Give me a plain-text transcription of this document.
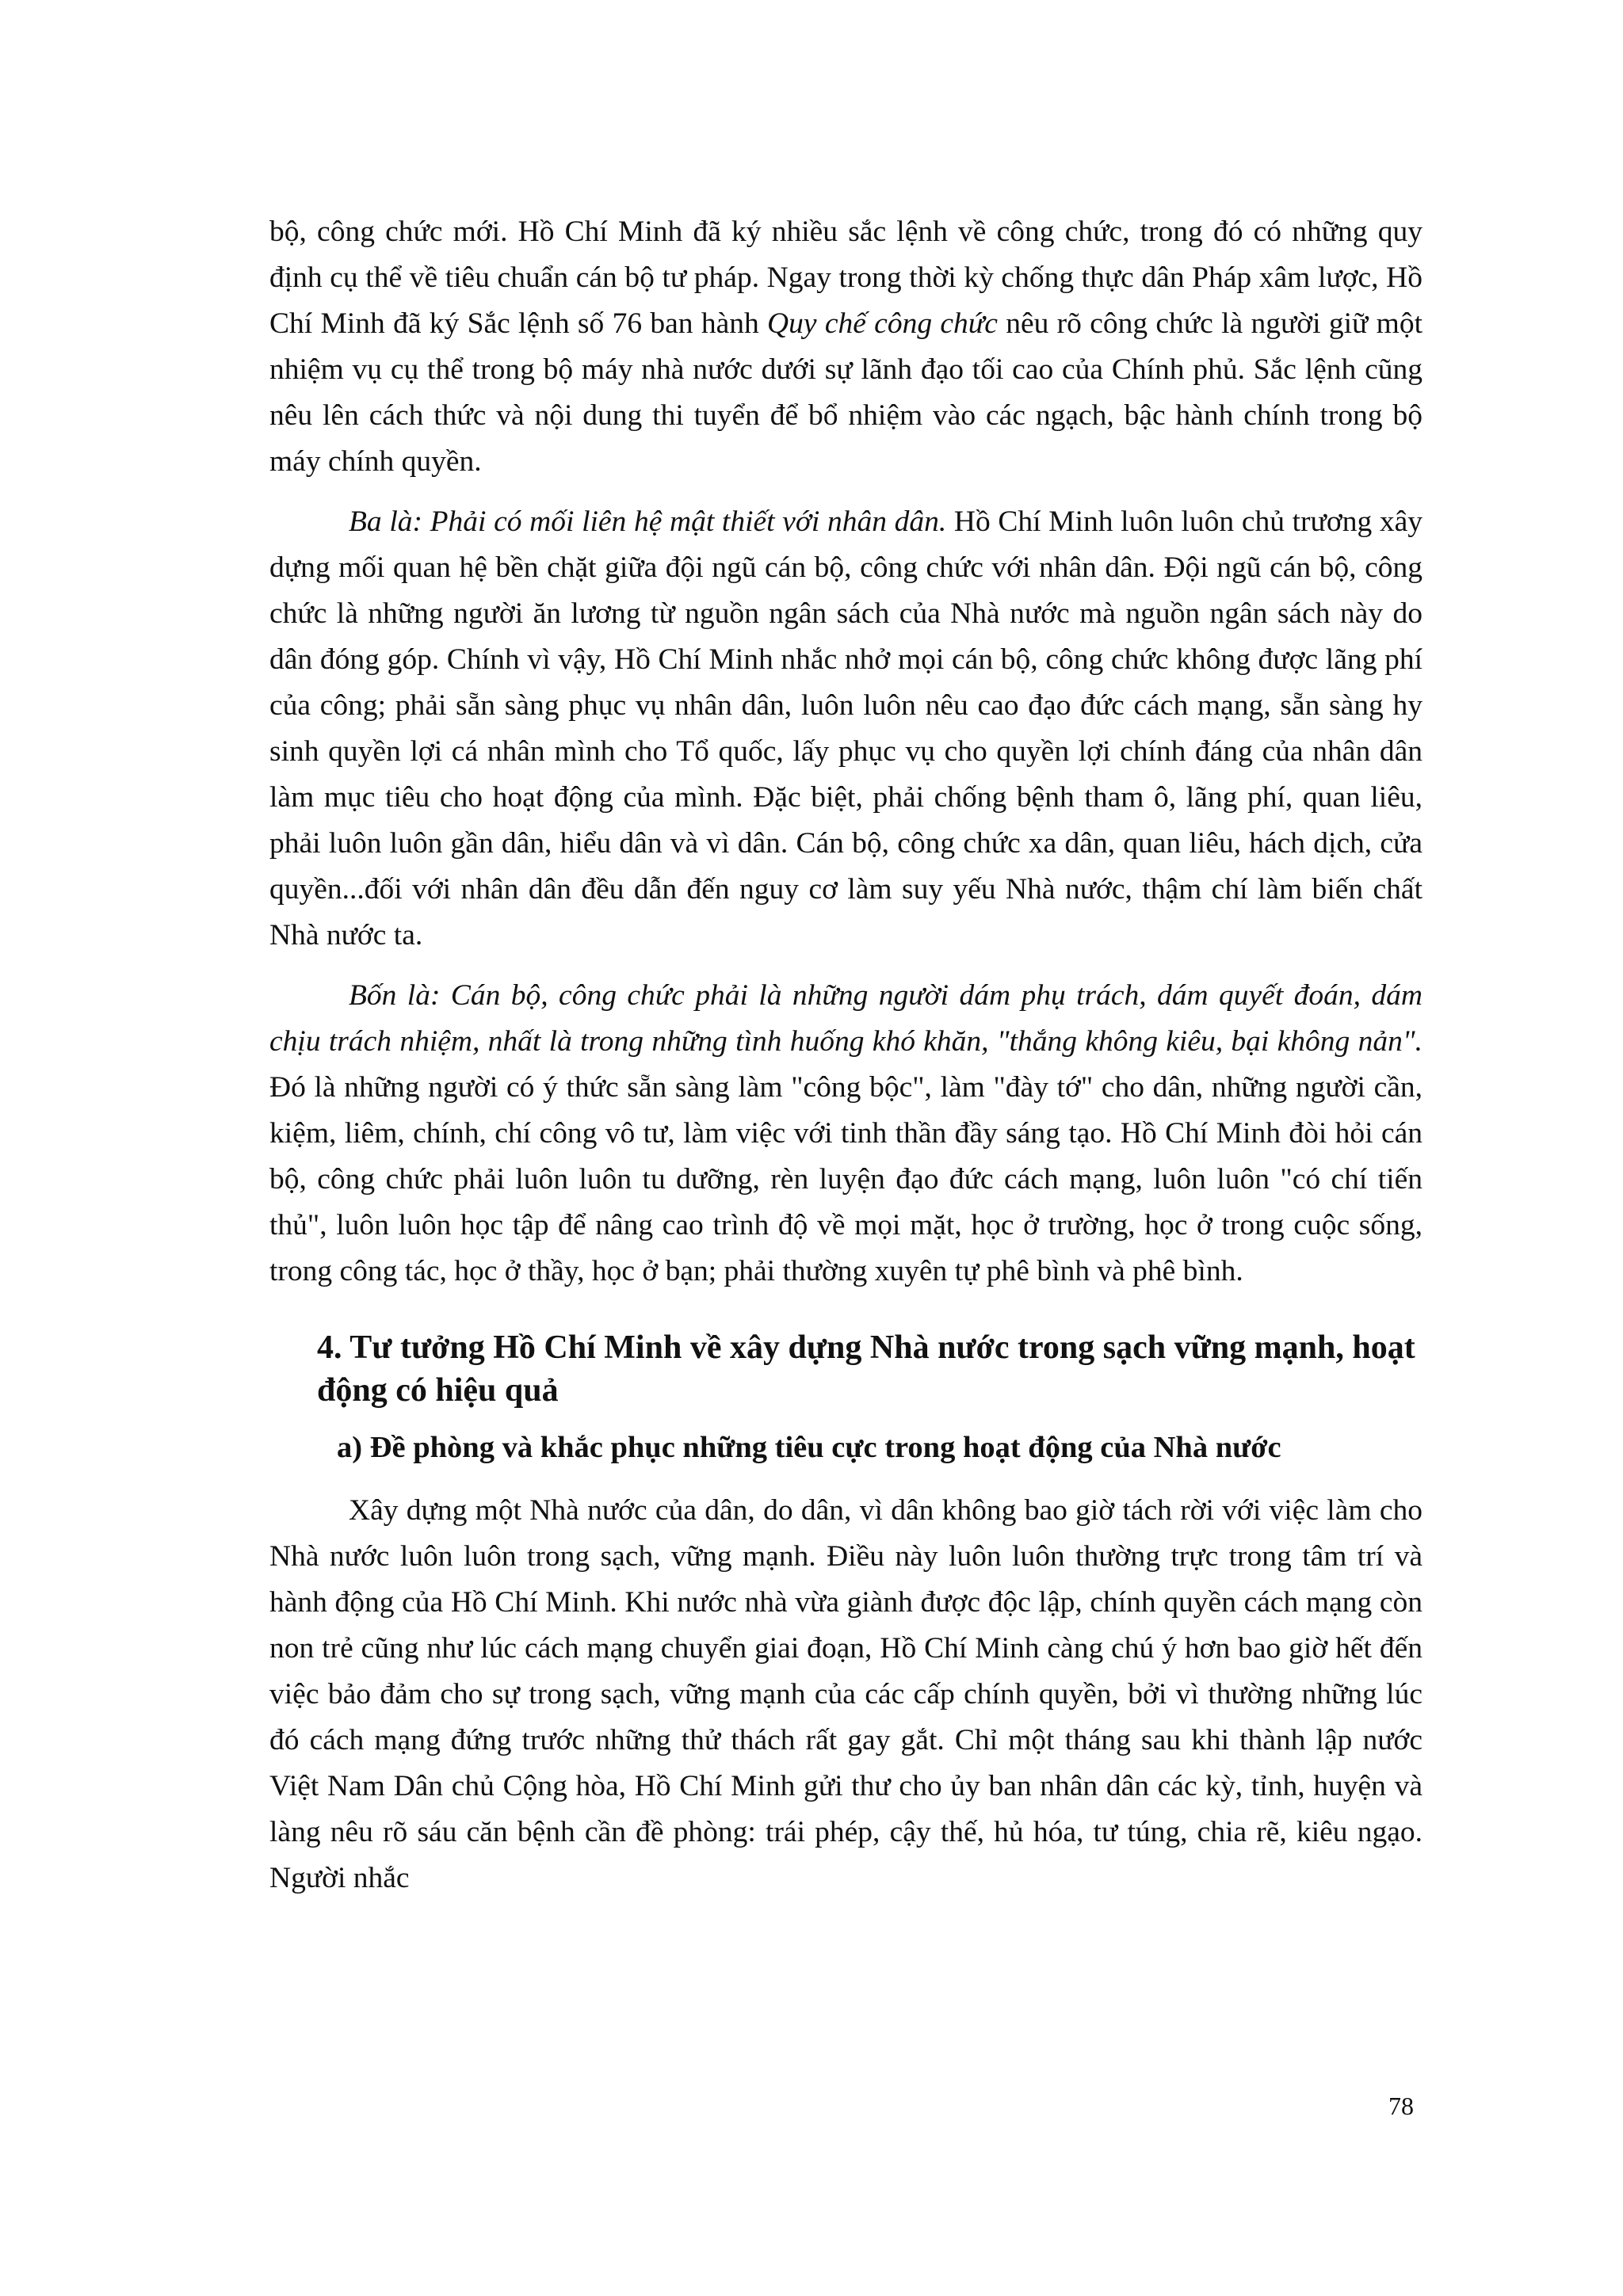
bộ, công chức mới. Hồ Chí Minh đã ký nhiều sắc lệnh về công chức, trong đó có những quy định cụ thể về tiêu chuẩn cán bộ tư pháp. Ngay trong thời kỳ chống thực dân Pháp xâm lược, Hồ Chí Minh đã ký Sắc lệnh số 76 ban hành Quy chế công chức nêu rõ công chức là người giữ một nhiệm vụ cụ thể trong bộ máy nhà nước dưới sự lãnh đạo tối cao của Chính phủ. Sắc lệnh cũng nêu lên cách thức và nội dung thi tuyển để bổ nhiệm vào các ngạch, bậc hành chính trong bộ máy chính quyền.

Ba là: Phải có mối liên hệ mật thiết với nhân dân. Hồ Chí Minh luôn luôn chủ trương xây dựng mối quan hệ bền chặt giữa đội ngũ cán bộ, công chức với nhân dân. Đội ngũ cán bộ, công chức là những người ăn lương từ nguồn ngân sách của Nhà nước mà nguồn ngân sách này do dân đóng góp. Chính vì vậy, Hồ Chí Minh nhắc nhở mọi cán bộ, công chức không được lãng phí của công; phải sẵn sàng phục vụ nhân dân, luôn luôn nêu cao đạo đức cách mạng, sẵn sàng hy sinh quyền lợi cá nhân mình cho Tổ quốc, lấy phục vụ cho quyền lợi chính đáng của nhân dân làm mục tiêu cho hoạt động của mình. Đặc biệt, phải chống bệnh tham ô, lãng phí, quan liêu, phải luôn luôn gần dân, hiểu dân và vì dân. Cán bộ, công chức xa dân, quan liêu, hách dịch, cửa quyền...đối với nhân dân đều dẫn đến nguy cơ làm suy yếu Nhà nước, thậm chí làm biến chất Nhà nước ta.

Bốn là: Cán bộ, công chức phải là những người dám phụ trách, dám quyết đoán, dám chịu trách nhiệm, nhất là trong những tình huống khó khăn, "thắng không kiêu, bại không nản". Đó là những người có ý thức sẵn sàng làm "công bộc", làm "đày tớ" cho dân, những người cần, kiệm, liêm, chính, chí công vô tư, làm việc với tinh thần đầy sáng tạo. Hồ Chí Minh đòi hỏi cán bộ, công chức phải luôn luôn tu dưỡng, rèn luyện đạo đức cách mạng, luôn luôn "có chí tiến thủ", luôn luôn học tập để nâng cao trình độ về mọi mặt, học ở trường, học ở trong cuộc sống, trong công tác, học ở thầy, học ở bạn; phải thường xuyên tự phê bình và phê bình.

4. Tư tưởng Hồ Chí Minh về xây dựng Nhà nước trong sạch vững mạnh, hoạt động có hiệu quả
a) Đề phòng và khắc phục những tiêu cực trong hoạt động của Nhà nước

Xây dựng một Nhà nước của dân, do dân, vì dân không bao giờ tách rời với việc làm cho Nhà nước luôn luôn trong sạch, vững mạnh. Điều này luôn luôn thường trực trong tâm trí và hành động của Hồ Chí Minh. Khi nước nhà vừa giành được độc lập, chính quyền cách mạng còn non trẻ cũng như lúc cách mạng chuyển giai đoạn, Hồ Chí Minh càng chú ý hơn bao giờ hết đến việc bảo đảm cho sự trong sạch, vững mạnh của các cấp chính quyền, bởi vì thường những lúc đó cách mạng đứng trước những thử thách rất gay gắt. Chỉ một tháng sau khi thành lập nước Việt Nam Dân chủ Cộng hòa, Hồ Chí Minh gửi thư cho ủy ban nhân dân các kỳ, tỉnh, huyện và làng nêu rõ sáu căn bệnh cần đề phòng: trái phép, cậy thế, hủ hóa, tư túng, chia rẽ, kiêu ngạo. Người nhắc

78
